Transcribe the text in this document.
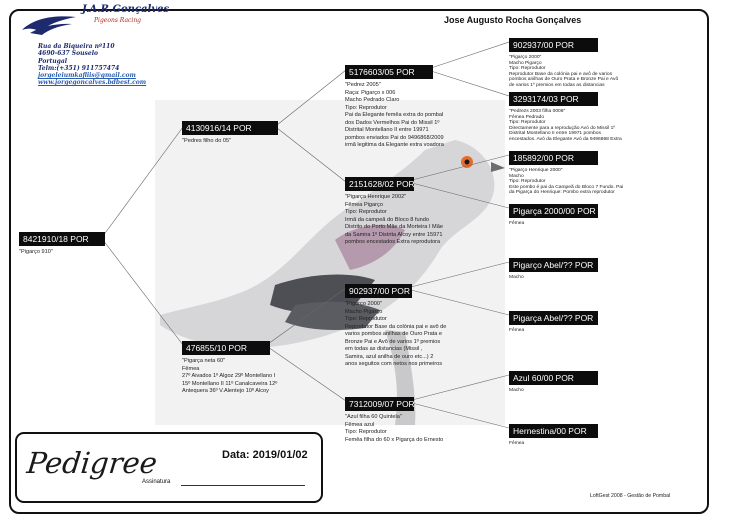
J.A.R.Gonçalves
Pigeons Racing
Rua da Biqueira nº110
4690-637 Souselo
Portugal
Telm:(+351) 911757474
jorgeleiumkafliis@gmail.com
www.jorgegoncalves.bdbest.com
Jose Augusto Rocha Gonçalves
8421910/18 POR
"Pigarço 910"
4130916/14 POR
"Pedres filho do 05"
476855/10 POR
"Pigarça neta 60"
Fêmea
27º Aivados 1º Algoz 29º Montellano I
15º Montellano II 11º Canalcaveira 12º
Antequera 36º V.Alentejo 10º Alcoy
5176603/05 POR
"Pedrez 2005"
Raça: Pigarço x 006
Macho Pedrado Claro
Tipo: Reprodutor
Pai da Elegante femêa extra do pombal
dos Dados Vermelhos Pai do Missil 1º
Distrital Montellano II entre 19971
pombos enviados Pai do 9496868/2009
irmã legitima da Elegante extra voadora
2151628/02 POR
"Pigarça Henrique 2002"
Fêmea Pigarço
Tipo: Reprodutor
Irmã da campeã do Bloco 8 fundo
Distrito do Porto Mãe da Morteira I Mãe
da Samira 1º Distrita Alcoy entre 15971
pombos encestados Extra reprodutora
902937/00 POR
"Pigarço 2000"
Macho Pigarço
Tipo: Reprodutor
Reprodutor Base da colónia pai e avô de
varios pombos anilhas de Ouro Prata e
Bronze Pai e Avô de varios 1º premios
em todas as distancias (Missil ,
Samira, azul anilha de ouro etc...) 2
anos seguitos com netos nos primeiros
7312009/07 POR
"Azul filha 60 Quintela"
Fêmea azul
Tipo: Reprodutor
Femêa filha do 60 x Pigarça do Ernesto
902937/00 POR
"Pigarço 2000"
Macho Pigarço
Tipo: Reprodutor
Reprodutor Base da colónia pai e avô de varios
pombos anilhas de Ouro Prata e Bronze Pai e Avô
de varios 1º premios em todas as distancias
3293174/03 POR
"Pedrezs 2003 filha 0006"
Fêmea Pedrado
Tipo: Reprodutor
Directamente para a reprodução Avó do Missil 1º
Distrital Montellano II entre 19971 pombos
encestados. Avó da Elegante Avó da 9496868 Extra
185892/00 POR
"Pigarço Henrique 2000"
Macho
Tipo: Reprodutor
Este pombo é pai da Campeã do Bloco 7 Fundo. Pai
da Pigarça do Henrique: Pombo extra reprodutor
Pigarça 2000/00 POR
Fêmea
Pigarço Abel/?? POR
Macho
Pigarça Abel/?? POR
Fêmea
Azul 60/00 POR
Macho
Hernestina/00 POR
Fêmea
Pedigree	Data: 2019/01/02
Assinatura
LoftGest 2008 - Gestão de Pombal
